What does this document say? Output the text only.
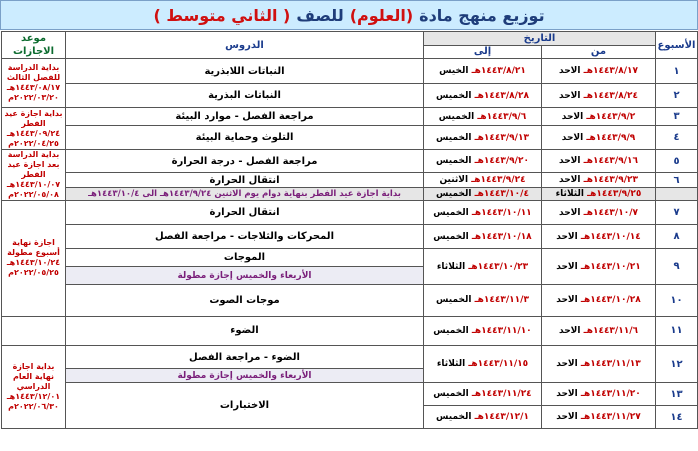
توزيع منهج مادة
(العلوم)
للصف
( الثاني متوسط )
الأسبوع	التاريخ		الدروس	موعد الاجازات	
	من	إلى			
١	١٤٤٣/٨/١٧هـ الاحد	١٤٤٣/٨/٢١هـ الخيس	النباتات اللابذرية	بداية الدراسة للفصل الثالث ١٤٤٣/٠٨/١٧هـ ٢٠٢٢/٠٣/٢٠م	
٢	١٤٤٣/٨/٢٤هـ الاحد	١٤٤٣/٨/٢٨هـ الخميس	النباتات البذرية		
٣	١٤٤٣/٩/٢هـ الاحد	١٤٤٣/٩/٦هـ الخميس	مراجعة الفصل - موارد البيئة	بداية اجازة عيد الفطر ١٤٤٣/٠٩/٢٤هـ ٢٠٢٢/٠٤/٢٥م	
٤	١٤٤٣/٩/٩هـ الاحد	١٤٤٣/٩/١٣هـ الخميس	التلوث وحماية البيئة		
٥	١٤٤٣/٩/١٦هـ الاحد	١٤٤٣/٩/٢٠هـ الخميس	مراجعة الفصل - درجة الحرارة	بداية الدراسة بعد اجازة عيد الفطر ١٤٤٣/١٠/٠٧هـ ٢٠٢٢/٠٥/٠٨م	
٦	١٤٤٣/٩/٢٣هـ الاحد	١٤٤٣/٩/٢٤هـ الاثنين	انتقال الحرارة		
	١٤٤٣/٩/٢٥هـ الثلاثاء	١٤٤٣/١٠/٤هـ الخميس	بداية اجازة عيد الفطر بنهاية دوام يوم الاثنين ١٤٤٣/٩/٢٤هـ الى ١٤٤٣/١٠/٤هـ		
٧	١٤٤٣/١٠/٧هـ الاحد	١٤٤٣/١٠/١١هـ الخميس	انتقال الحرارة	اجازة نهاية أسبوع مطولة ١٤٤٣/١٠/٢٤هـ ٢٠٢٢/٠٥/٢٥م	
٨	١٤٤٣/١٠/١٤هـ الاحد	١٤٤٣/١٠/١٨هـ الخميس	المحركات والثلاجات - مراجعة الفصل		
٩	١٤٤٣/١٠/٢١هـ الاحد	١٤٤٣/١٠/٢٣هـ الثلاثاء	الموجات		
			الأربعاء والخميس إجازة مطولة		
١٠	١٤٤٣/١٠/٢٨هـ الاحد	١٤٤٣/١١/٣هـ الخميس	موجات الصوت	
١١	١٤٤٣/١١/٦هـ الاحد	١٤٤٣/١١/١٠هـ الخميس	الضوء		
١٢	١٤٤٣/١١/١٣هـ الاحد	١٤٤٣/١١/١٥هـ الثلاثاء	الضوء - مراجعة الفصل	بداية اجازة نهاية العام الدراسي ١٤٤٣/١٢/٠١هـ ٢٠٢٢/٠٦/٣٠م	
			الأربعاء والخميس إجازة مطولة		
١٣	١٤٤٣/١١/٢٠هـ الاحد	١٤٤٣/١١/٢٤هـ الخميس	الاختبارات		
١٤	١٤٤٣/١١/٢٧هـ الاحد	١٤٤٣/١٢/١هـ الخميس			
